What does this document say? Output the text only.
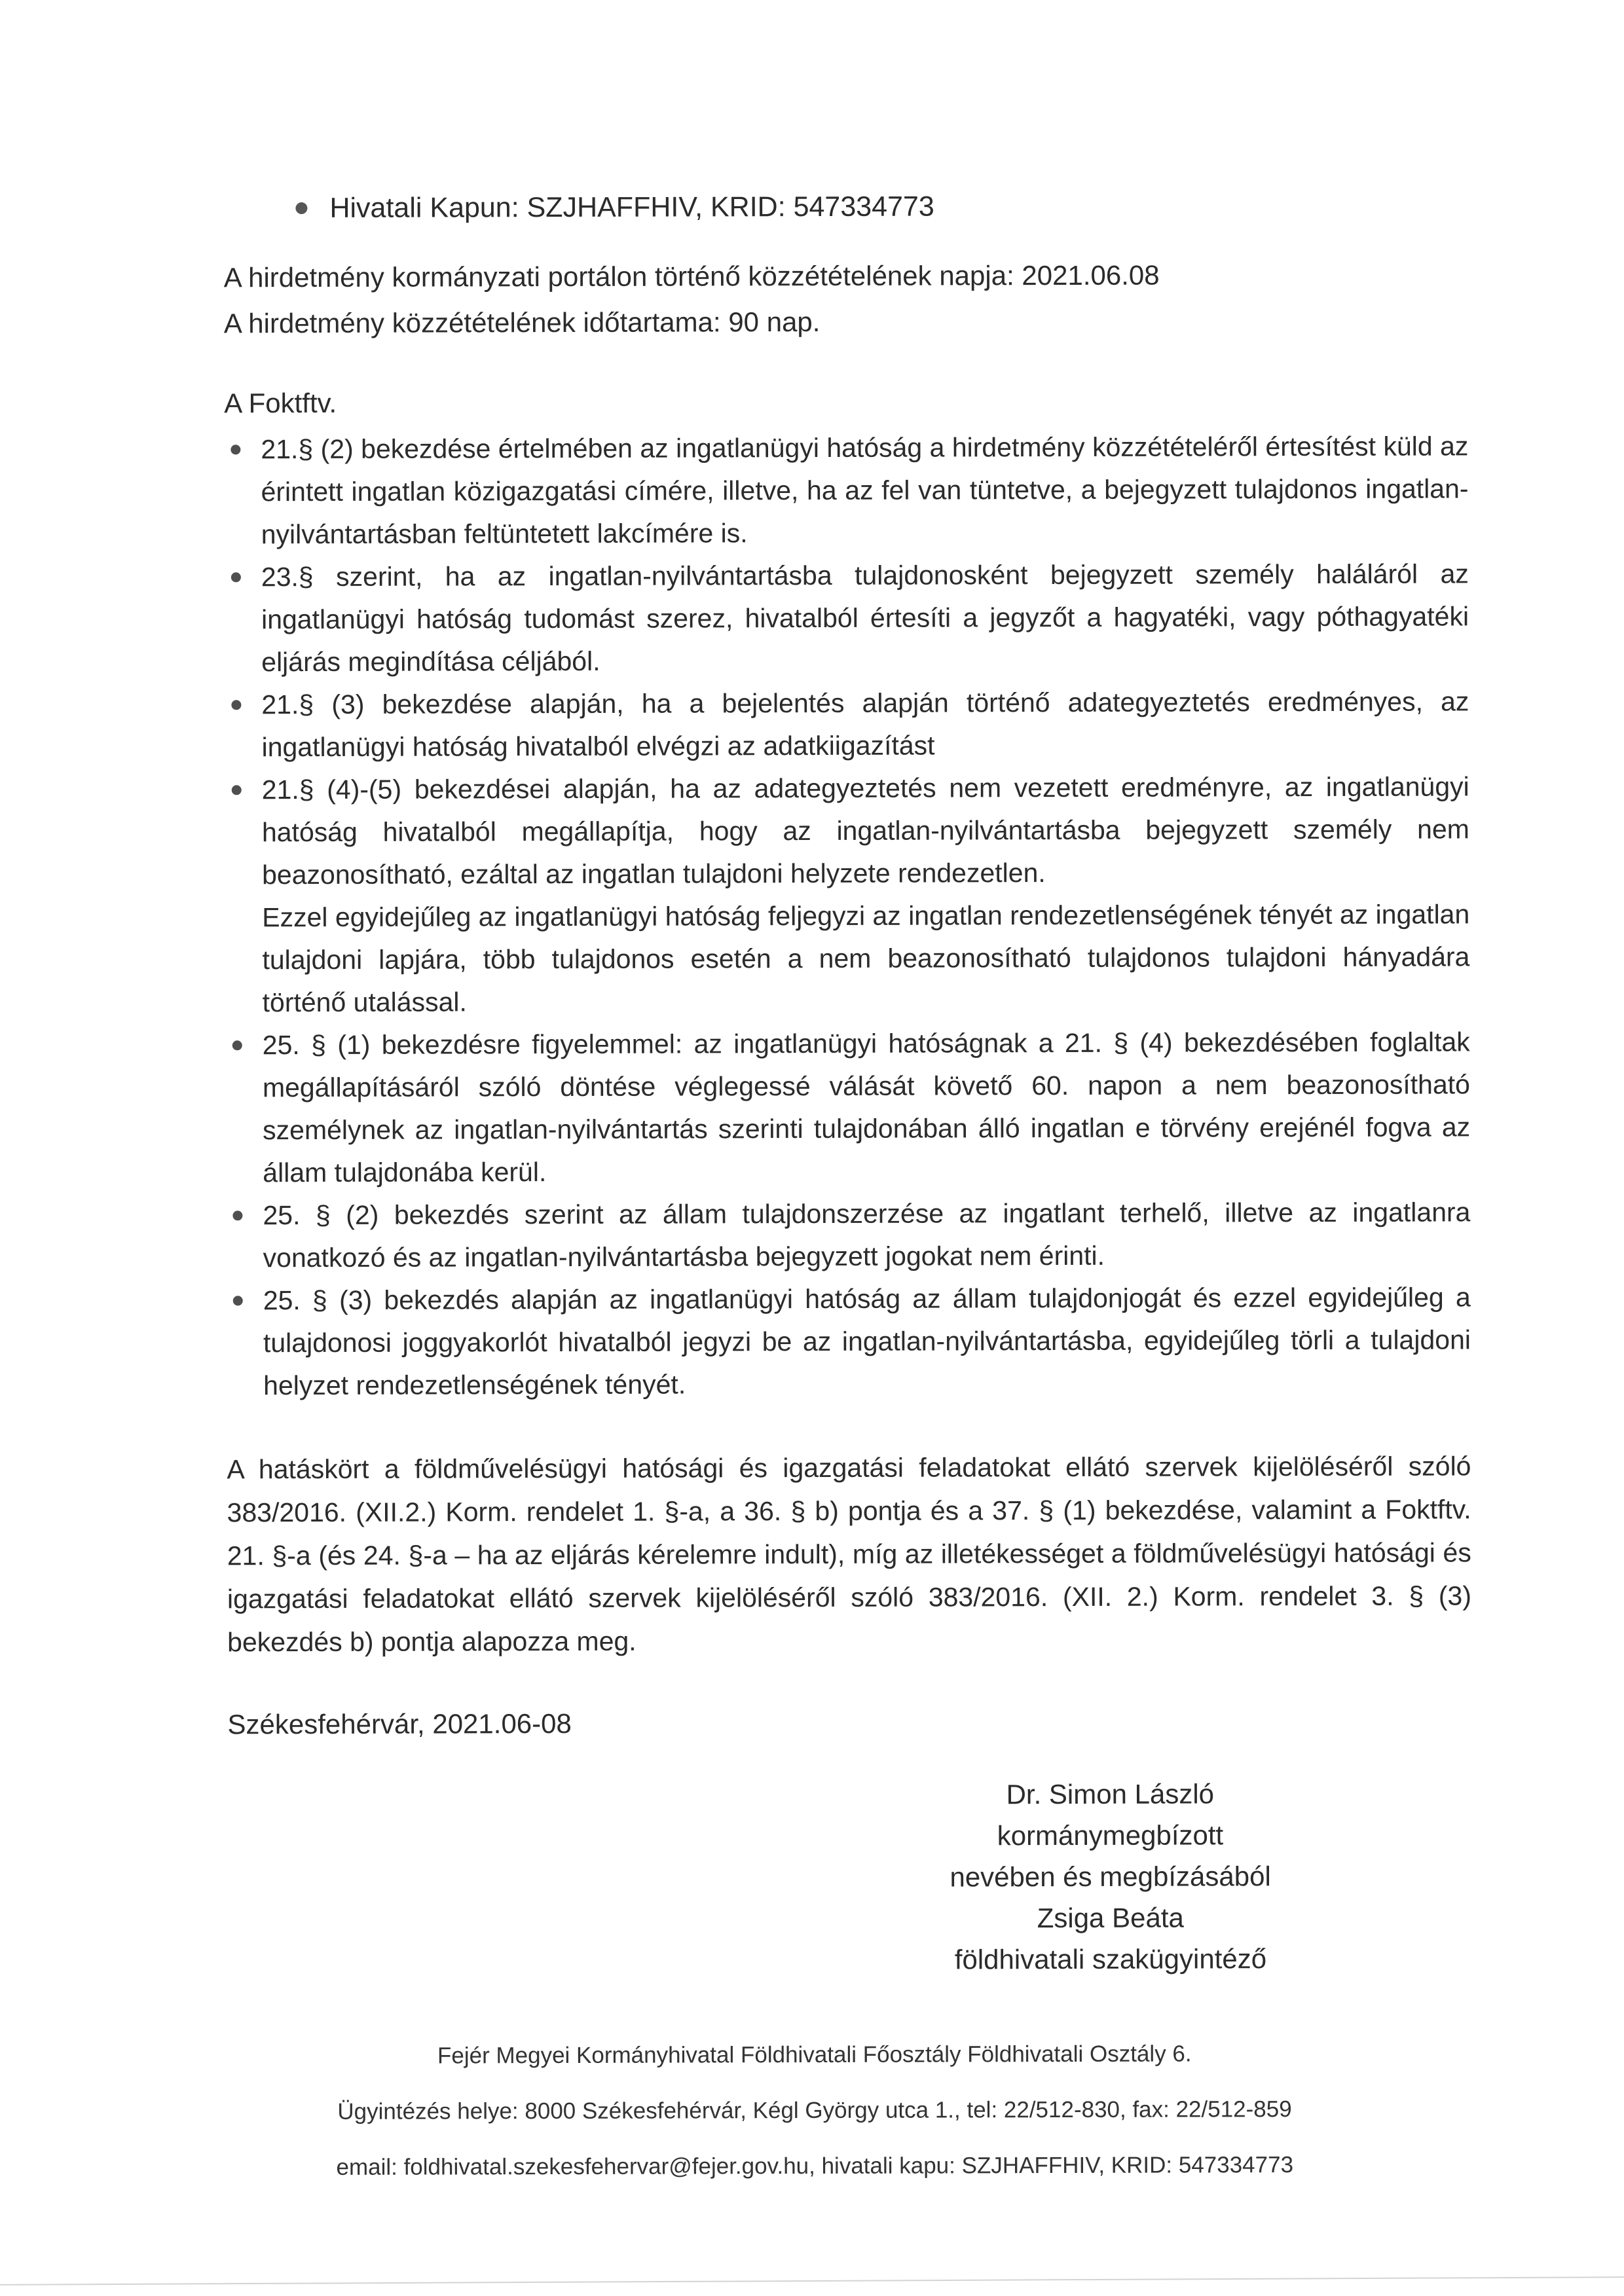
Hivatali Kapun: SZJHAFFHIV, KRID: 547334773
A hirdetmény kormányzati portálon történő közzétételének napja: 2021.06.08
A hirdetmény közzétételének időtartama: 90 nap.
A Foktftv.
21.§ (2) bekezdése értelmében az ingatlanügyi hatóság a hirdetmény közzétételéről értesítést küld az érintett ingatlan közigazgatási címére, illetve, ha az fel van tüntetve, a bejegyzett tulajdonos ingatlan-nyilvántartásban feltüntetett lakcímére is.
23.§ szerint, ha az ingatlan-nyilvántartásba tulajdonosként bejegyzett személy haláláról az ingatlanügyi hatóság tudomást szerez, hivatalból értesíti a jegyzőt a hagyatéki, vagy póthagyatéki eljárás megindítása céljából.
21.§ (3) bekezdése alapján, ha a bejelentés alapján történő adategyeztetés eredményes, az ingatlanügyi hatóság hivatalból elvégzi az adatkiigazítást
21.§ (4)-(5) bekezdései alapján, ha az adategyeztetés nem vezetett eredményre, az ingatlanügyi hatóság hivatalból megállapítja, hogy az ingatlan-nyilvántartásba bejegyzett személy nem beazonosítható, ezáltal az ingatlan tulajdoni helyzete rendezetlen.
Ezzel egyidejűleg az ingatlanügyi hatóság feljegyzi az ingatlan rendezetlenségének tényét az ingatlan tulajdoni lapjára, több tulajdonos esetén a nem beazonosítható tulajdonos tulajdoni hányadára történő utalással.
25. § (1) bekezdésre figyelemmel: az ingatlanügyi hatóságnak a 21. § (4) bekezdésében foglaltak megállapításáról szóló döntése véglegessé válását követő 60. napon a nem beazonosítható személynek az ingatlan-nyilvántartás szerinti tulajdonában álló ingatlan e törvény erejénél fogva az állam tulajdonába kerül.
25. § (2) bekezdés szerint az állam tulajdonszerzése az ingatlant terhelő, illetve az ingatlanra vonatkozó és az ingatlan-nyilvántartásba bejegyzett jogokat nem érinti.
25. § (3) bekezdés alapján az ingatlanügyi hatóság az állam tulajdonjogát és ezzel egyidejűleg a tulajdonosi joggyakorlót hivatalból jegyzi be az ingatlan-nyilvántartásba, egyidejűleg törli a tulajdoni helyzet rendezetlenségének tényét.

A hatáskört a földművelésügyi hatósági és igazgatási feladatokat ellátó szervek kijelöléséről szóló 383/2016. (XII.2.) Korm. rendelet 1. §-a, a 36. § b) pontja és a 37. § (1) bekezdése, valamint a Foktftv. 21. §-a (és 24. §-a – ha az eljárás kérelemre indult), míg az illetékességet a földművelésügyi hatósági és igazgatási feladatokat ellátó szervek kijelöléséről szóló 383/2016. (XII. 2.) Korm. rendelet 3. § (3) bekezdés b) pontja alapozza meg.

Székesfehérvár, 2021.06-08
Dr. Simon László
kormánymegbízott
nevében és megbízásából
Zsiga Beáta
földhivatali szakügyintéző
Fejér Megyei Kormányhivatal Földhivatali Főosztály Földhivatali Osztály 6.
Ügyintézés helye: 8000 Székesfehérvár, Kégl György utca 1., tel: 22/512-830, fax: 22/512-859
email: foldhivatal.szekesfehervar@fejer.gov.hu, hivatali kapu: SZJHAFFHIV, KRID: 547334773
